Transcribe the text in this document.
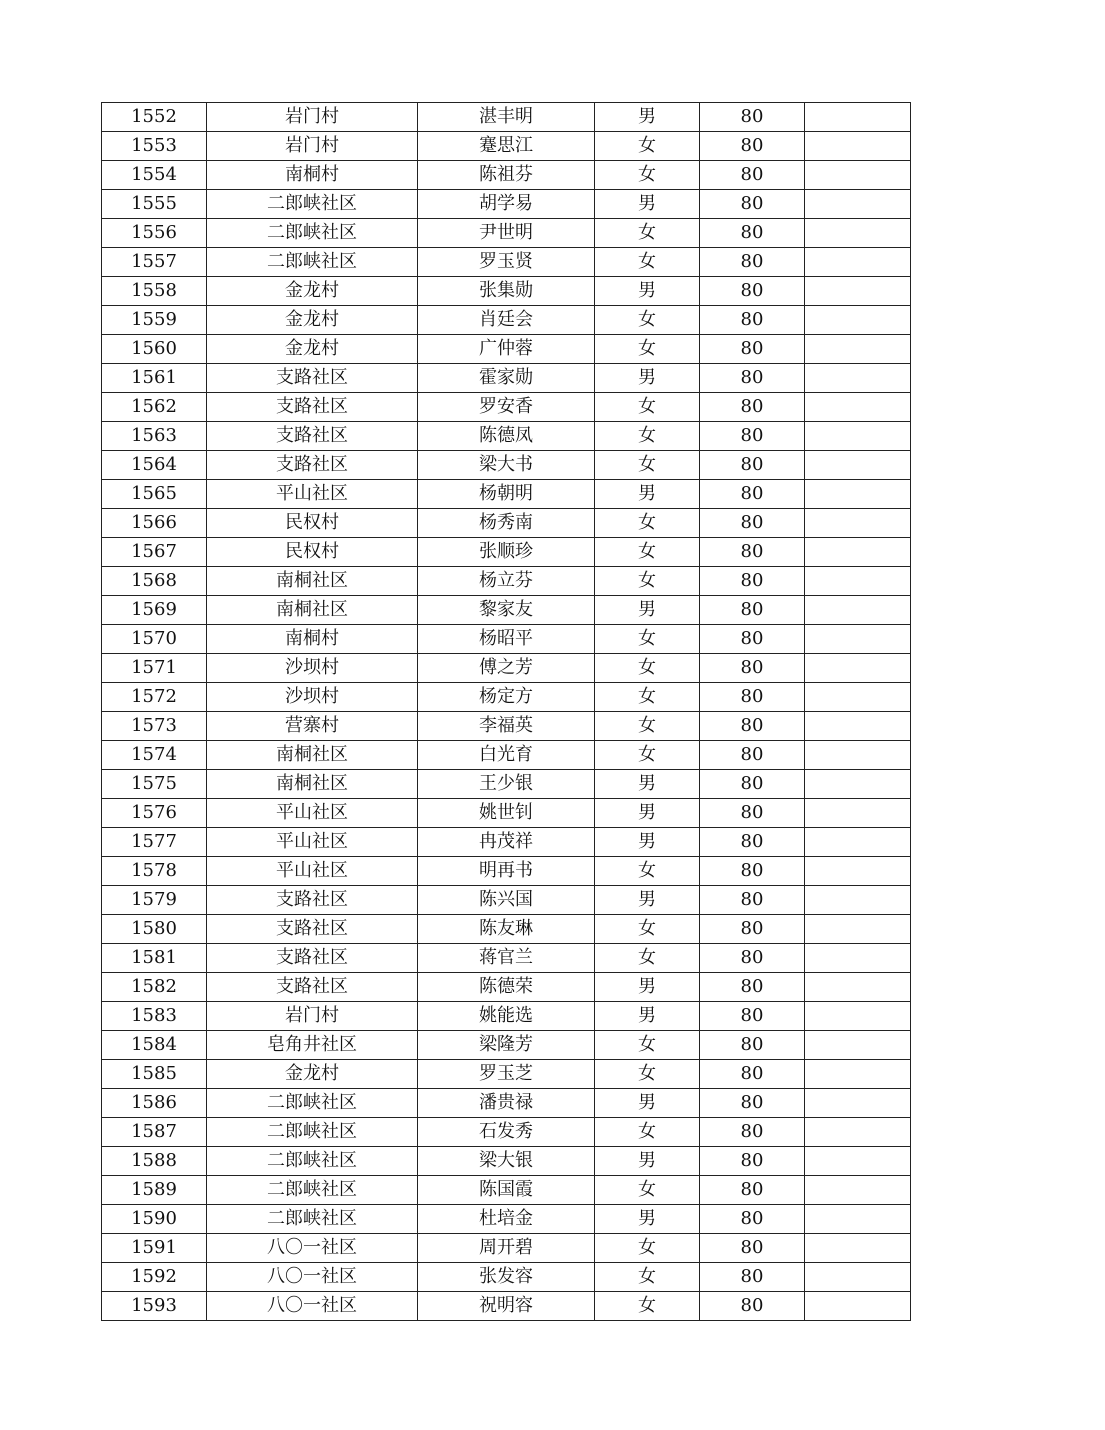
1552	岩门村	湛丰明	男	80	
1553	岩门村	蹇思江	女	80	
1554	南桐村	陈祖芬	女	80	
1555	二郎峡社区	胡学易	男	80	
1556	二郎峡社区	尹世明	女	80	
1557	二郎峡社区	罗玉贤	女	80	
1558	金龙村	张集勋	男	80	
1559	金龙村	肖廷会	女	80	
1560	金龙村	广仲蓉	女	80	
1561	支路社区	霍家勋	男	80	
1562	支路社区	罗安香	女	80	
1563	支路社区	陈德凤	女	80	
1564	支路社区	梁大书	女	80	
1565	平山社区	杨朝明	男	80	
1566	民权村	杨秀南	女	80	
1567	民权村	张顺珍	女	80	
1568	南桐社区	杨立芬	女	80	
1569	南桐社区	黎家友	男	80	
1570	南桐村	杨昭平	女	80	
1571	沙坝村	傅之芳	女	80	
1572	沙坝村	杨定方	女	80	
1573	营寨村	李福英	女	80	
1574	南桐社区	白光育	女	80	
1575	南桐社区	王少银	男	80	
1576	平山社区	姚世钊	男	80	
1577	平山社区	冉茂祥	男	80	
1578	平山社区	明再书	女	80	
1579	支路社区	陈兴国	男	80	
1580	支路社区	陈友琳	女	80	
1581	支路社区	蒋官兰	女	80	
1582	支路社区	陈德荣	男	80	
1583	岩门村	姚能选	男	80	
1584	皂角井社区	梁隆芳	女	80	
1585	金龙村	罗玉芝	女	80	
1586	二郎峡社区	潘贵禄	男	80	
1587	二郎峡社区	石发秀	女	80	
1588	二郎峡社区	梁大银	男	80	
1589	二郎峡社区	陈国霞	女	80	
1590	二郎峡社区	杜培金	男	80	
1591	八〇一社区	周开碧	女	80	
1592	八〇一社区	张发容	女	80	
1593	八〇一社区	祝明容	女	80	
